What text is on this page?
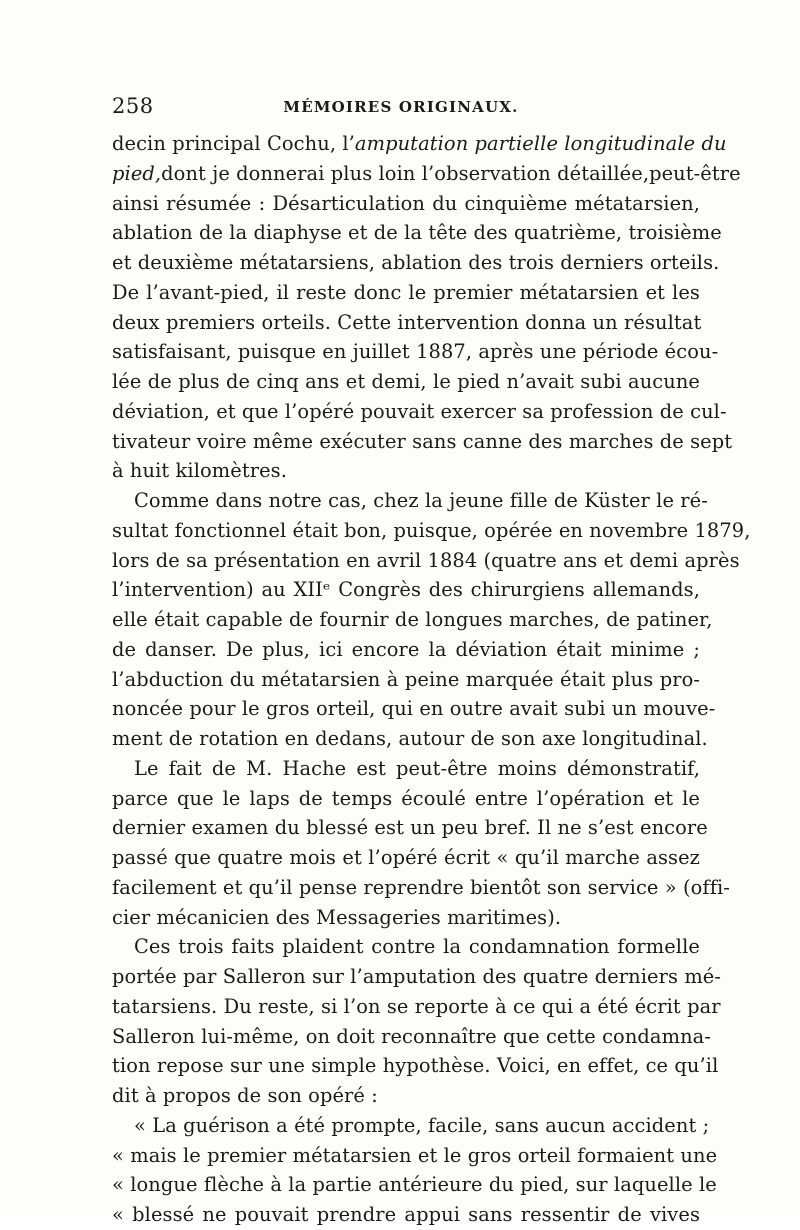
258	MÉMOIRES ORIGINAUX.
decin principal Cochu, l’amputation partielle longitudinale du
pied,dont je donnerai plus loin l’observation détaillée,peut-être
ainsi résumée : Désarticulation du cinquième métatarsien,
ablation de la diaphyse et de la tête des quatrième, troisième
et deuxième métatarsiens, ablation des trois derniers orteils.
De l’avant-pied, il reste donc le premier métatarsien et les
deux premiers orteils. Cette intervention donna un résultat
satisfaisant, puisque en juillet 1887, après une période écou-
lée de plus de cinq ans et demi, le pied n’avait subi aucune
déviation, et que l’opéré pouvait exercer sa profession de cul-
tivateur voire même exécuter sans canne des marches de sept
à huit kilomètres.
Comme dans notre cas, chez la jeune fille de Küster le ré-
sultat fonctionnel était bon, puisque, opérée en novembre 1879,
lors de sa présentation en avril 1884 (quatre ans et demi après
l’intervention) au XIIᵉ Congrès des chirurgiens allemands,
elle était capable de fournir de longues marches, de patiner,
de danser. De plus, ici encore la déviation était minime ;
l’abduction du métatarsien à peine marquée était plus pro-
noncée pour le gros orteil, qui en outre avait subi un mouve-
ment de rotation en dedans, autour de son axe longitudinal.
Le fait de M. Hache est peut-être moins démonstratif,
parce que le laps de temps écoulé entre l’opération et le
dernier examen du blessé est un peu bref. Il ne s’est encore
passé que quatre mois et l’opéré écrit « qu’il marche assez
facilement et qu’il pense reprendre bientôt son service » (offi-
cier mécanicien des Messageries maritimes).
Ces trois faits plaident contre la condamnation formelle
portée par Salleron sur l’amputation des quatre derniers mé-
tatarsiens. Du reste, si l’on se reporte à ce qui a été écrit par
Salleron lui-même, on doit reconnaître que cette condamna-
tion repose sur une simple hypothèse. Voici, en effet, ce qu’il
dit à propos de son opéré :
« La guérison a été prompte, facile, sans aucun accident ;
« mais le premier métatarsien et le gros orteil formaient une
« longue flèche à la partie antérieure du pied, sur laquelle le
« blessé ne pouvait prendre appui sans ressentir de vives
